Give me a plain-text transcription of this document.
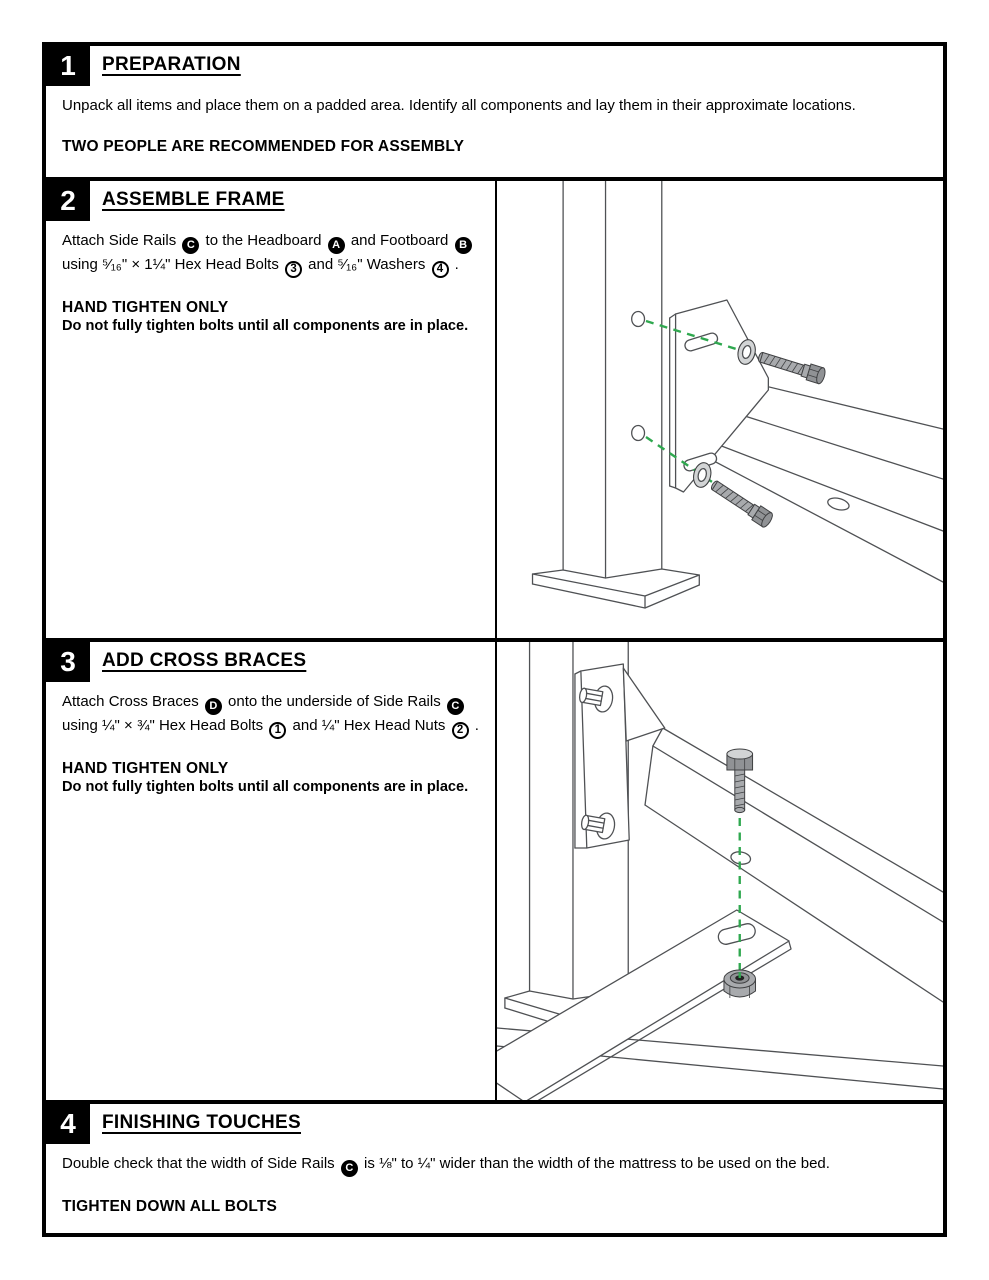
1	PREPARATION

Unpack all items and place them on a padded area. Identify all components and lay them in their approximate locations.

TWO PEOPLE ARE RECOMMENDED FOR ASSEMBLY

2	ASSEMBLE FRAME

Attach Side Rails C to the Headboard A and Footboard B using ⁵⁄₁₆" × 1¼" Hex Head Bolts 3 and ⁵⁄₁₆" Washers 4 .

HAND TIGHTEN ONLY

Do not fully tighten bolts until all components are in place.

3	ADD CROSS BRACES

Attach Cross Braces D onto the underside of Side Rails C using ¼" × ¾" Hex Head Bolts 1 and ¼" Hex Head Nuts 2 .

HAND TIGHTEN ONLY

Do not fully tighten bolts until all components are in place.

4	FINISHING TOUCHES

Double check that the width of Side Rails C is ⅛" to ¼" wider than the width of the mattress to be used on the bed.

TIGHTEN DOWN ALL BOLTS
